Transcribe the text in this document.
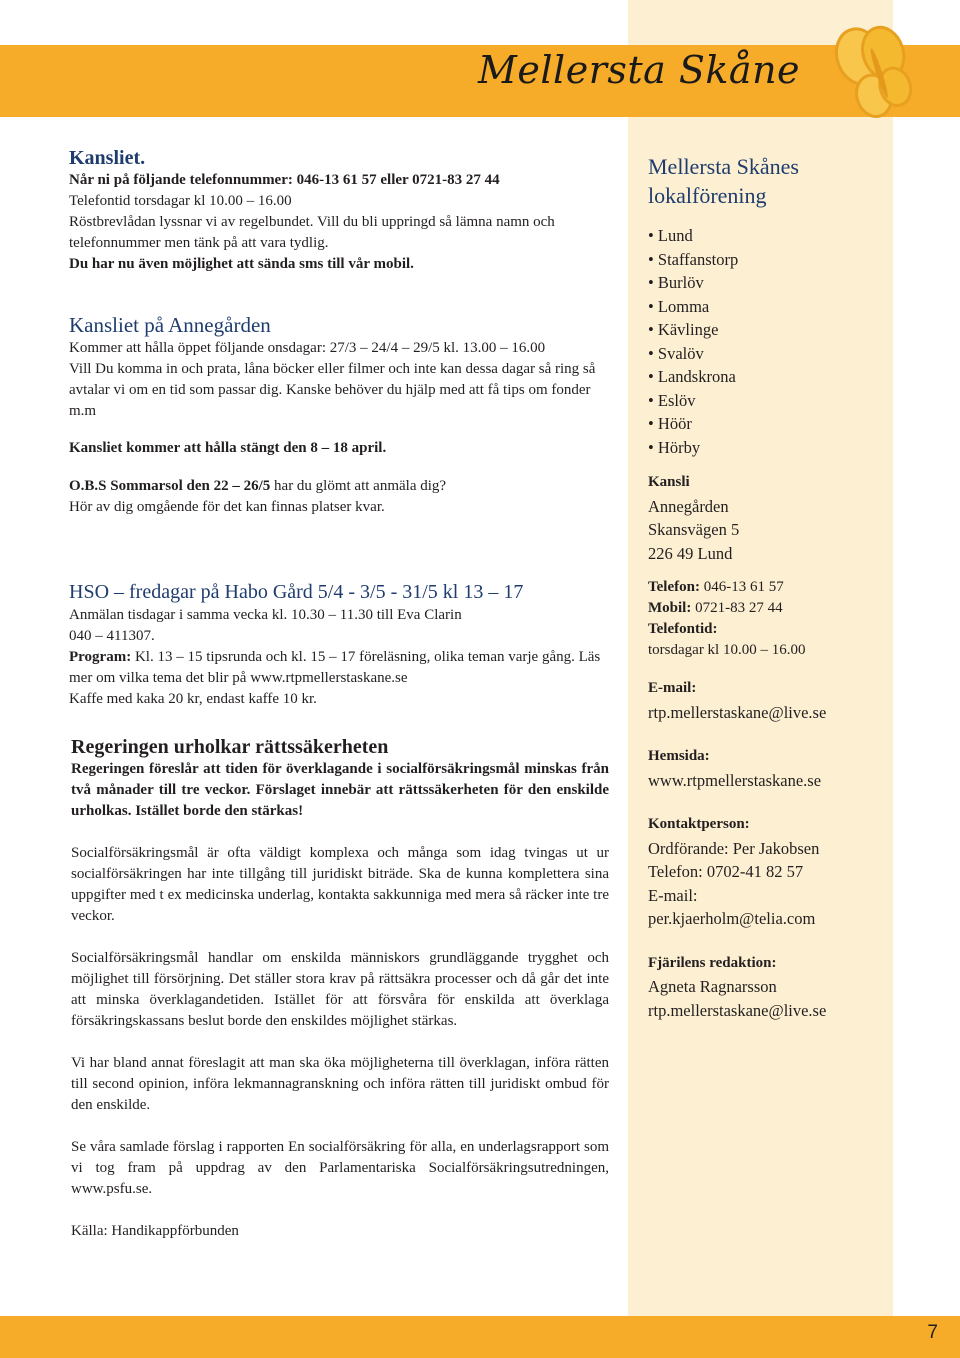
Mellersta Skåne
Kansliet.

Når ni på följande telefonnummer: 046-13 61 57 eller 0721-83 27 44

Telefontid torsdagar kl 10.00 – 16.00

Röstbrevlådan lyssnar vi av regelbundet. Vill du bli uppringd så lämna namn och telefonnummer men tänk på att vara tydlig.

Du har nu även möjlighet att sända sms till vår mobil.

Kansliet på Annegården

Kommer att hålla öppet följande onsdagar: 27/3 – 24/4 – 29/5 kl. 13.00 – 16.00

Vill Du komma in och prata, låna böcker eller filmer och inte kan dessa dagar så ring så avtalar vi om en tid som passar dig. Kanske behöver du hjälp med att få tips om fonder m.m

Kansliet kommer att hålla stängt den 8 – 18 april.

O.B.S Sommarsol den 22 – 26/5 har du glömt att anmäla dig?

Hör av dig omgående för det kan finnas platser kvar.

HSO – fredagar på Habo Gård 5/4 - 3/5 - 31/5 kl 13 – 17

Anmälan tisdagar i samma vecka kl. 10.30 – 11.30 till Eva Clarin

040 – 411307.

Program: Kl. 13 – 15 tipsrunda och kl. 15 – 17 föreläsning, olika teman varje gång. Läs mer om vilka tema det blir på www.rtpmellerstaskane.se

Kaffe med kaka 20 kr, endast kaffe 10 kr.

Regeringen urholkar rättssäkerheten

Regeringen föreslår att tiden för överklagande i socialförsäkringsmål minskas från två månader till tre veckor. Förslaget innebär att rättssäkerheten för den enskilde urholkas. Istället borde den stärkas!

Socialförsäkringsmål är ofta väldigt komplexa och många som idag tvingas ut ur socialförsäkringen har inte tillgång till juridiskt biträde. Ska de kunna komplettera sina uppgifter med t ex medicinska underlag, kontakta sakkunniga med mera så räcker inte tre veckor.

Socialförsäkringsmål handlar om enskilda människors grundläggande trygghet och möjlighet till försörjning. Det ställer stora krav på rättsäkra processer och då går det inte att minska överklagandetiden. Istället för att försvåra för enskilda att överklaga försäkringskassans beslut borde den enskildes möjlighet stärkas.

Vi har bland annat föreslagit att man ska öka möjligheterna till överklagan, införa rätten till second opinion, införa lekmannagranskning och införa rätten till juridiskt ombud för den enskilde.

Se våra samlade förslag i rapporten En socialförsäkring för alla, en underlagsrapport som vi tog fram på uppdrag av den Parlamentariska Socialförsäkringsutredningen, www.psfu.se.

Källa: Handikappförbunden

Mellersta Skånes lokalförening
• Lund
• Staffanstorp
• Burlöv
• Lomma
• Kävlinge
• Svalöv
• Landskrona
• Eslöv
• Höör
• Hörby
Kansli
Annegården
Skansvägen 5
226 49 Lund
Telefon: 046-13 61 57
Mobil: 0721-83 27 44
Telefontid:
torsdagar kl 10.00 – 16.00
E-mail:
rtp.mellerstaskane@live.se
Hemsida:
www.rtpmellerstaskane.se
Kontaktperson:
Ordförande: Per Jakobsen
Telefon: 0702-41 82 57
E-mail:
per.kjaerholm@telia.com
Fjärilens redaktion:
Agneta Ragnarsson
rtp.mellerstaskane@live.se
7
